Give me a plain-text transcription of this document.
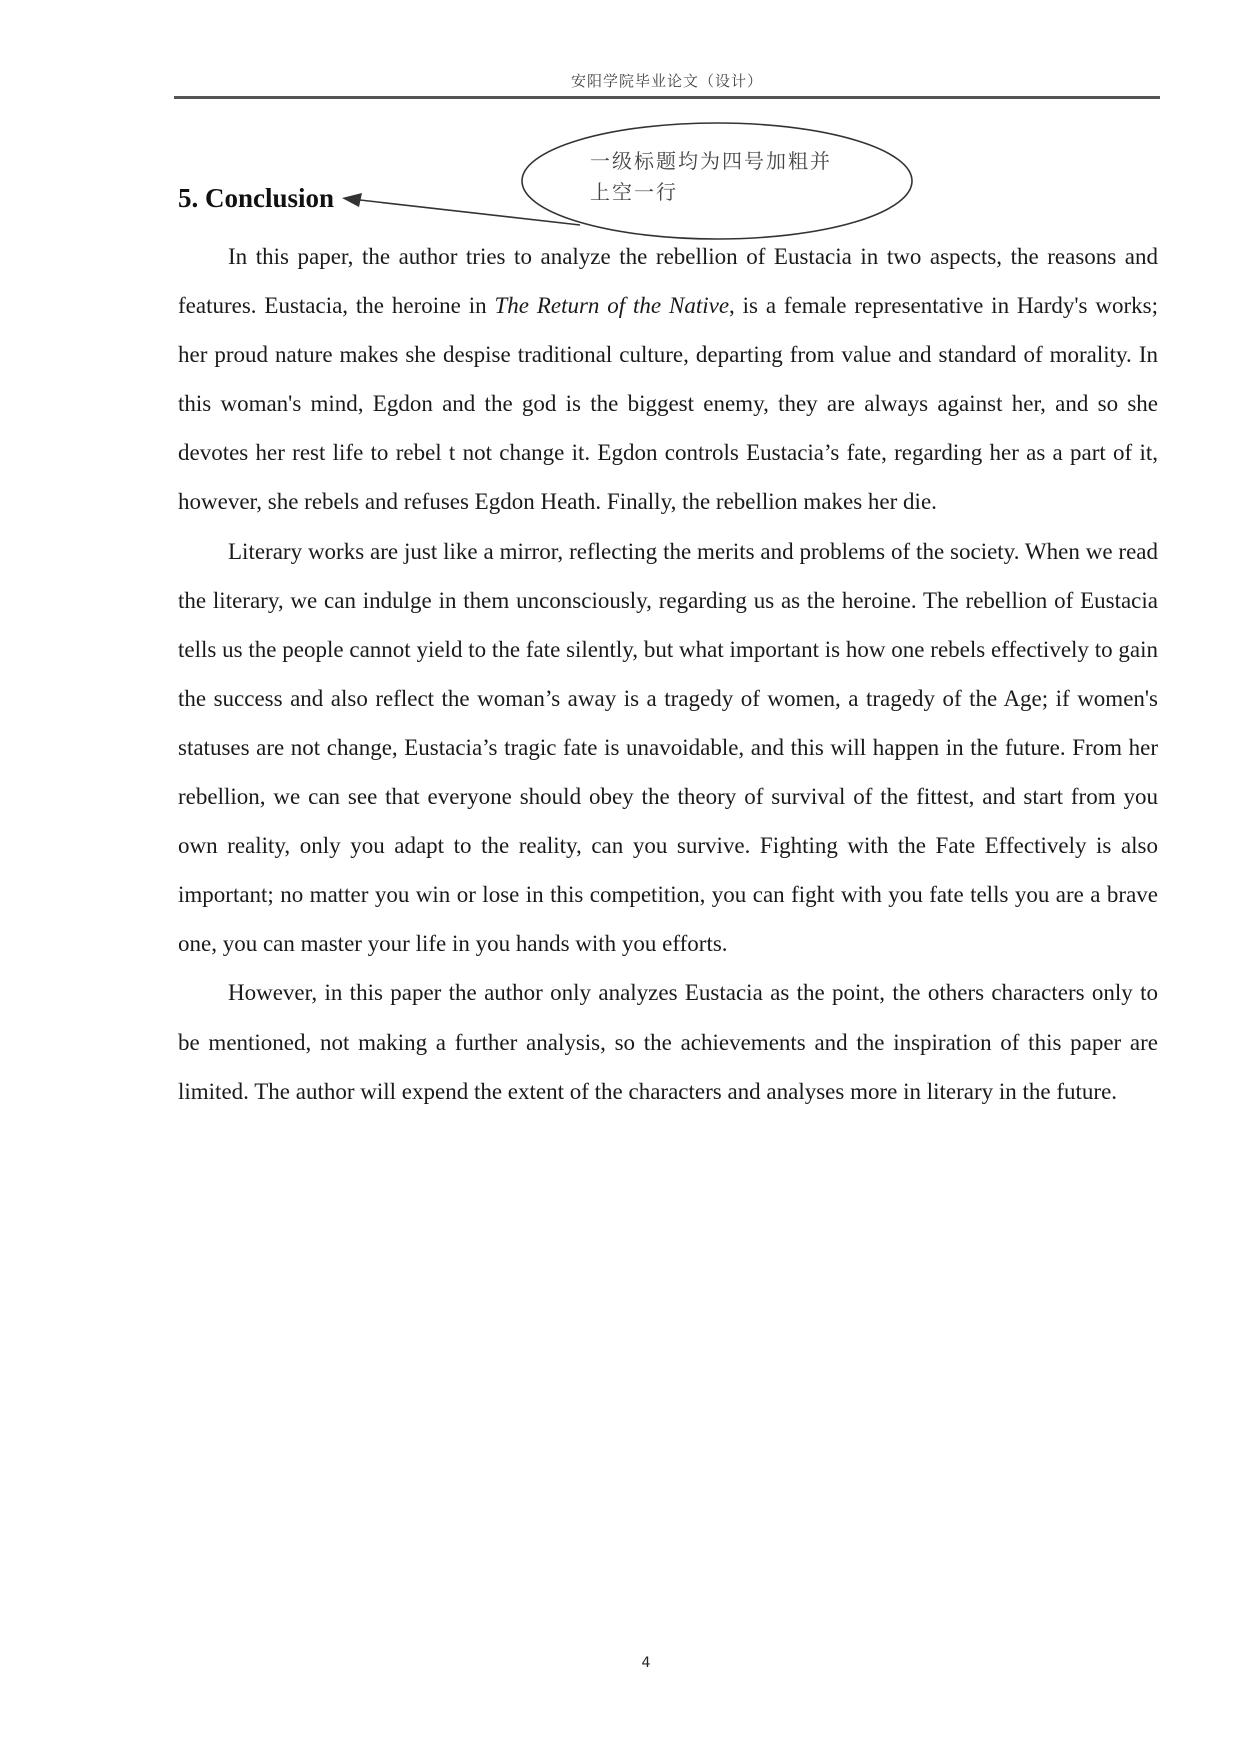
安阳学院毕业论文（设计）
5. Conclusion
一级标题均为四号加粗并上空一行

In this paper, the author tries to analyze the rebellion of Eustacia in two aspects, the reasons and features. Eustacia, the heroine in The Return of the Native, is a female representative in Hardy's works; her proud nature makes she despise traditional culture, departing from value and standard of morality. In this woman's mind, Egdon and the god is the biggest enemy, they are always against her, and so she devotes her rest life to rebel t not change it. Egdon controls Eustacia’s fate, regarding her as a part of it, however, she rebels and refuses Egdon Heath. Finally, the rebellion makes her die.

Literary works are just like a mirror, reflecting the merits and problems of the society. When we read the literary, we can indulge in them unconsciously, regarding us as the heroine. The rebellion of Eustacia tells us the people cannot yield to the fate silently, but what important is how one rebels effectively to gain the success and also reflect the woman’s away is a tragedy of women, a tragedy of the Age; if women's statuses are not change, Eustacia’s tragic fate is unavoidable, and this will happen in the future. From her rebellion, we can see that everyone should obey the theory of survival of the fittest, and start from you own reality, only you adapt to the reality, can you survive. Fighting with the Fate Effectively is also important; no matter you win or lose in this competition, you can fight with you fate tells you are a brave one, you can master your life in you hands with you efforts.

However, in this paper the author only analyzes Eustacia as the point, the others characters only to be mentioned, not making a further analysis, so the achievements and the inspiration of this paper are limited. The author will expend the extent of the characters and analyses more in literary in the future.

4
